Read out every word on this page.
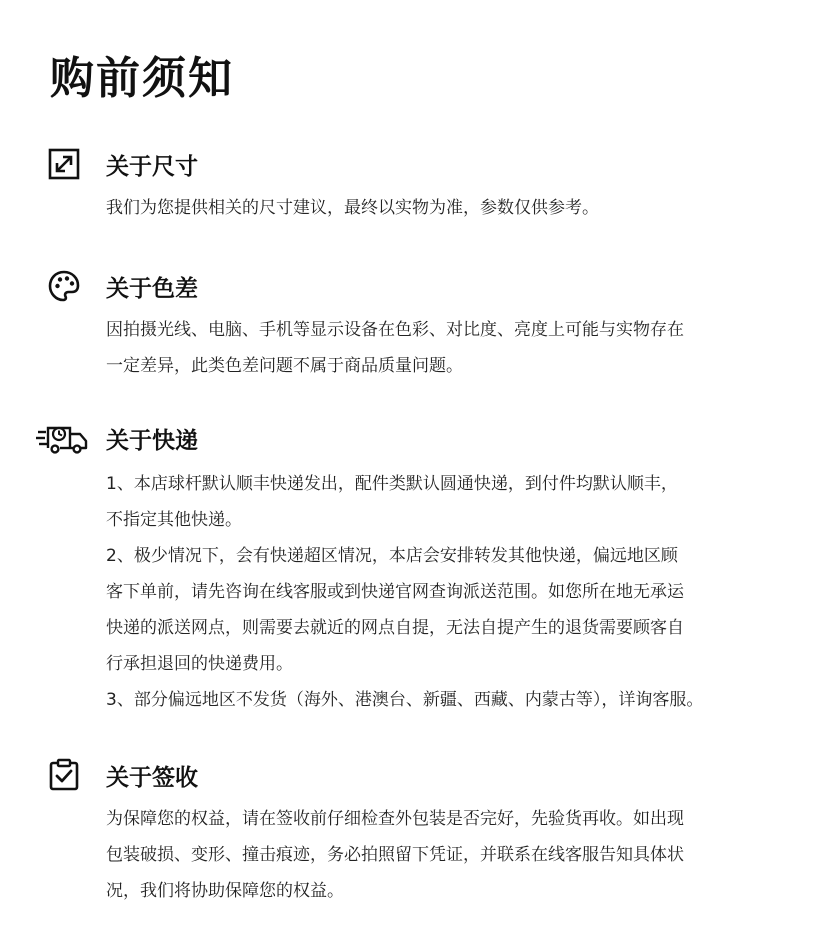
购前须知
关于尺寸
我们为您提供相关的尺寸建议，最终以实物为准，参数仅供参考。
关于色差
因拍摄光线、电脑、手机等显示设备在色彩、对比度、亮度上可能与实物存在
一定差异，此类色差问题不属于商品质量问题。
关于快递
1、本店球杆默认顺丰快递发出，配件类默认圆通快递，到付件均默认顺丰，
不指定其他快递。
2、极少情况下，会有快递超区情况，本店会安排转发其他快递，偏远地区顾
客下单前，请先咨询在线客服或到快递官网查询派送范围。如您所在地无承运
快递的派送网点，则需要去就近的网点自提，无法自提产生的退货需要顾客自
行承担退回的快递费用。
3、部分偏远地区不发货（海外、港澳台、新疆、西藏、内蒙古等），详询客服。
关于签收
为保障您的权益，请在签收前仔细检查外包装是否完好，先验货再收。如出现
包装破损、变形、撞击痕迹，务必拍照留下凭证，并联系在线客服告知具体状
况，我们将协助保障您的权益。
